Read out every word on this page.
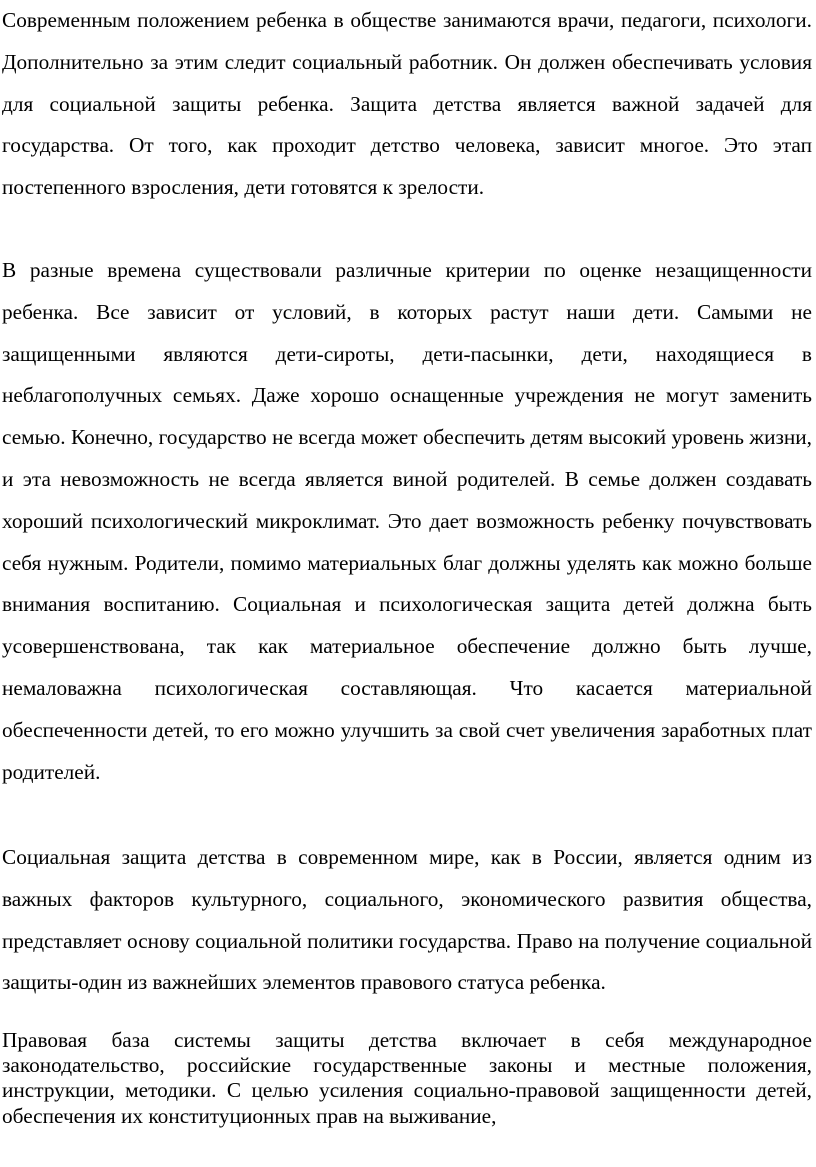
Современным положением ребенка в обществе занимаются врачи, педагоги, психологи. Дополнительно за этим следит социальный работник. Он должен обеспечивать условия для социальной защиты ребенка. Защита детства является важной задачей для государства. От того, как проходит детство человека, зависит многое. Это этап постепенного взросления, дети готовятся к зрелости.

В разные времена существовали различные критерии по оценке незащищенности ребенка. Все зависит от условий, в которых растут наши дети. Самыми не защищенными являются дети-сироты, дети-пасынки, дети, находящиеся в неблагополучных семьях. Даже хорошо оснащенные учреждения не могут заменить семью. Конечно, государство не всегда может обеспечить детям высокий уровень жизни, и эта невозможность не всегда является виной родителей. В семье должен создавать хороший психологический микроклимат. Это дает возможность ребенку почувствовать себя нужным. Родители, помимо материальных благ должны уделять как можно больше внимания воспитанию. Социальная и психологическая защита детей должна быть усовершенствована, так как материальное обеспечение должно быть лучше, немаловажна психологическая составляющая. Что касается материальной обеспеченности детей, то его можно улучшить за свой счет увеличения заработных плат родителей.

Социальная защита детства в современном мире, как в России, является одним из важных факторов культурного, социального, экономического развития общества, представляет основу социальной политики государства. Право на получение социальной защиты-один из важнейших элементов правового статуса ребенка.

Правовая база системы защиты детства включает в себя международное законодательство, российские государственные законы и местные положения, инструкции, методики. С целью усиления социально-правовой защищенности детей, обеспечения их конституционных прав на выживание,
